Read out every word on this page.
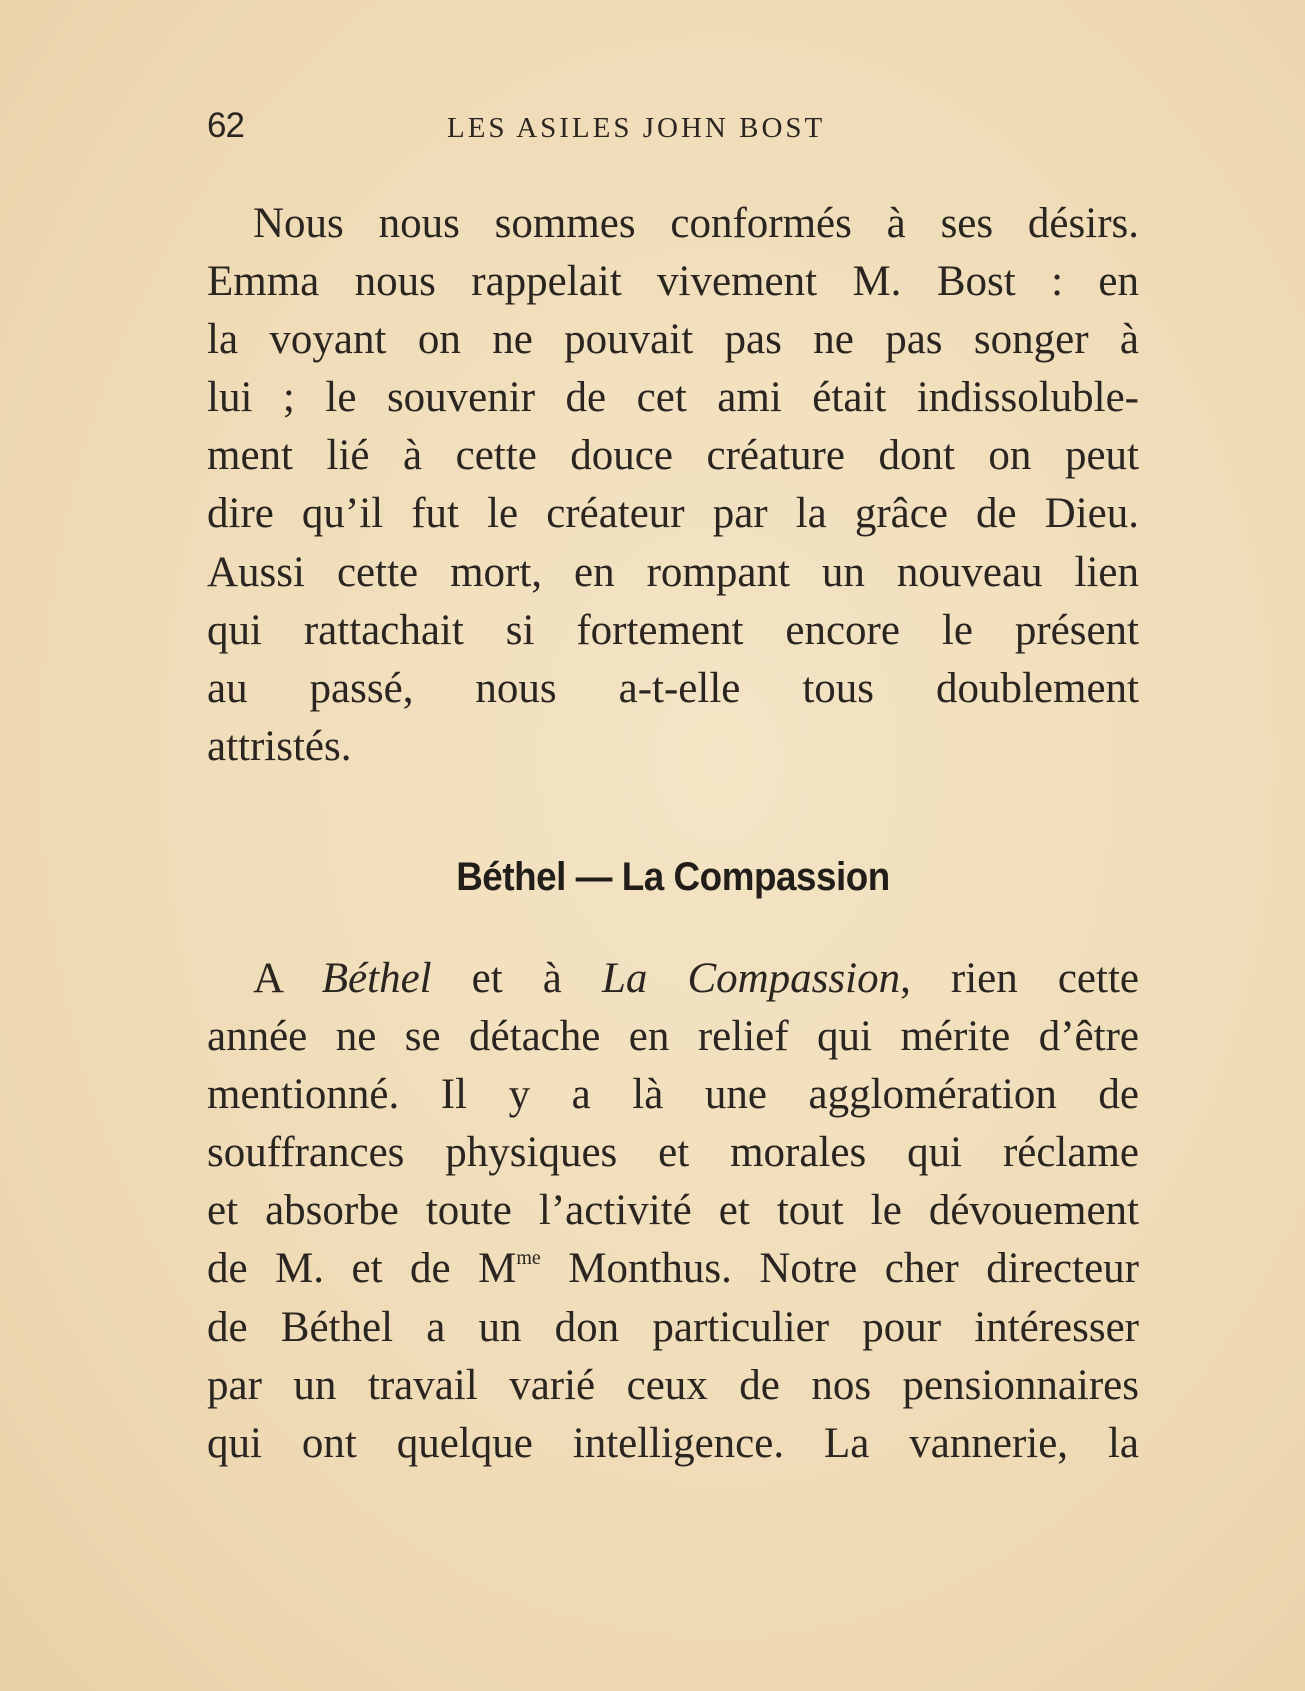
62	LES ASILES JOHN BOST
Nous nous sommes conformés à ses désirs.
Emma nous rappelait vivement M. Bost : en
la voyant on ne pouvait pas ne pas songer à
lui ; le souvenir de cet ami était indissoluble-
ment lié à cette douce créature dont on peut
dire qu’il fut le créateur par la grâce de Dieu.
Aussi cette mort, en rompant un nouveau lien
qui rattachait si fortement encore le présent
au passé, nous a-t-elle tous doublement
attristés.
Béthel — La Compassion
A Béthel et à La Compassion, rien cette
année ne se détache en relief qui mérite d’être
mentionné. Il y a là une agglomération de
souffrances physiques et morales qui réclame
et absorbe toute l’activité et tout le dévouement
de M. et de $M^{me}$ Monthus. Notre cher directeur
de Béthel a un don particulier pour intéresser
par un travail varié ceux de nos pensionnaires
qui ont quelque intelligence. La vannerie, la
